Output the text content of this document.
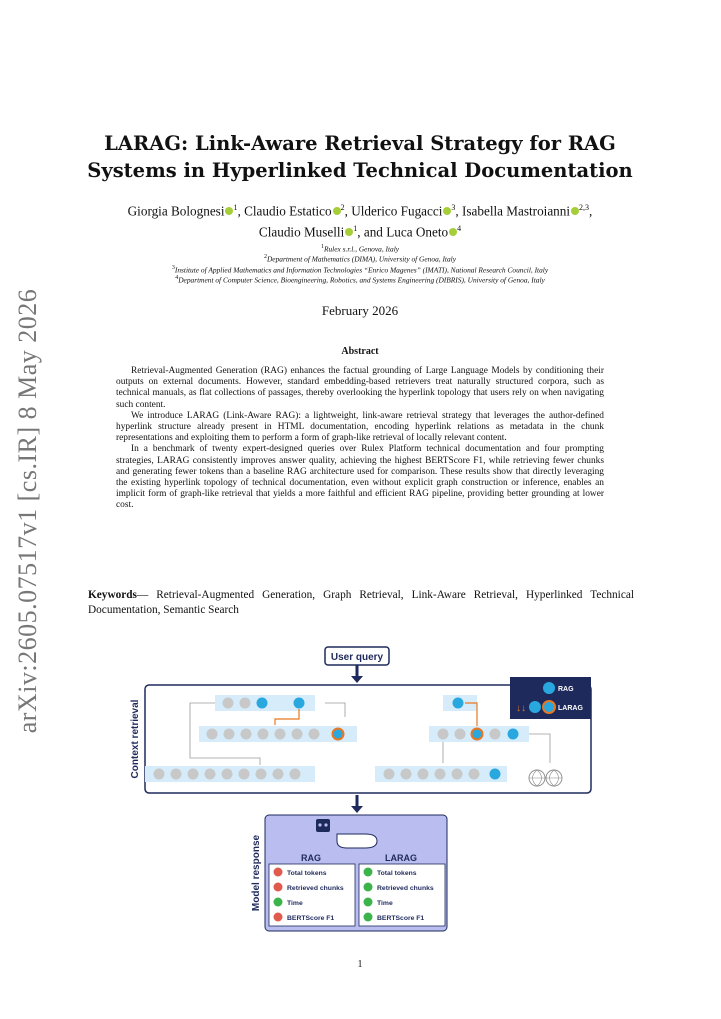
arXiv:2605.07517v1 [cs.IR] 8 May 2026
LARAG: Link-Aware Retrieval Strategy for RAG
Systems in Hyperlinked Technical Documentation
Giorgia Bolognesi $^1$, Claudio Estatico $^2$, Ulderico Fugacci $^3$, Isabella Mastroianni $^{2,3}$,
Claudio Muselli $^1$, and Luca Oneto $^4$
$^1$Rulex s.r.l., Genova, Italy
$^2$Department of Mathematics (DIMA), University of Genoa, Italy
$^3$Institute of Applied Mathematics and Information Technologies “Enrico Magenes” (IMATI), National Research Council, Italy
$^4$Department of Computer Science, Bioengineering, Robotics, and Systems Engineering (DIBRIS), University of Genoa, Italy
February 2026
Abstract

Retrieval-Augmented Generation (RAG) enhances the factual grounding of Large Language Models by conditioning their outputs on external documents. However, standard embedding-based retrievers treat naturally structured corpora, such as technical manuals, as flat collections of passages, thereby overlooking the hyperlink topology that users rely on when navigating such content.

We introduce LARAG (Link-Aware RAG): a lightweight, link-aware retrieval strategy that leverages the author-defined hyperlink structure already present in HTML documentation, encoding hyperlink relations as metadata in the chunk representations and exploiting them to perform a form of graph-like retrieval of locally relevant content.

In a benchmark of twenty expert-designed queries over Rulex Platform technical documentation and four prompting strategies, LARAG consistently improves answer quality, achieving the highest BERTScore F1, while retrieving fewer chunks and generating fewer tokens than a baseline RAG architecture used for comparison. These results show that directly leveraging the existing hyperlink topology of technical documentation, even without explicit graph construction or inference, enables an implicit form of graph-like retrieval that yields a more faithful and efficient RAG pipeline, providing better grounding at lower cost.

Keywords— Retrieval-Augmented Generation, Graph Retrieval, Link-Aware Retrieval, Hyperlinked Technical Documentation, Semantic Search
User query
Context retrieval
RAG
↓↓	LARAG
Model response	RAG	LARAG
Total tokens
Retrieved chunks
Time
BERTScore F1
Total tokens
Retrieved chunks
Time
BERTScore F1
1
